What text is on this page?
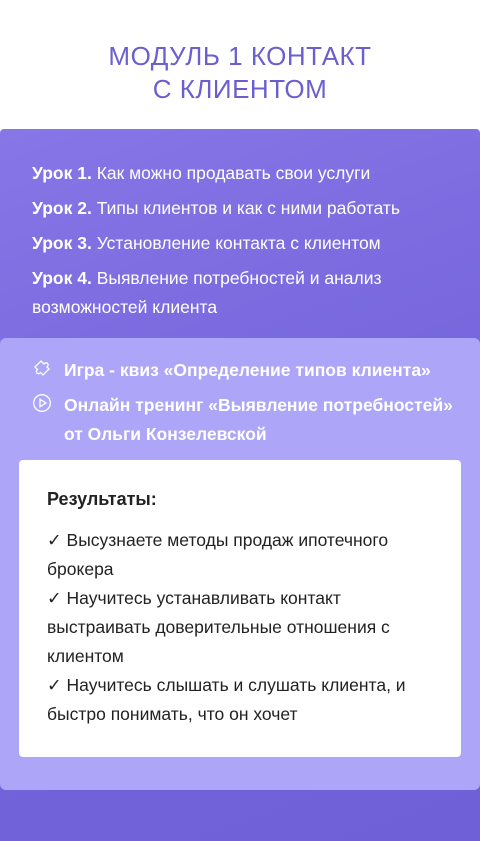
МОДУЛЬ 1 КОНТАКТ
С КЛИЕНТОМ
Урок 1. Как можно продавать свои услуги
Урок 2. Типы клиентов и как с ними работать
Урок 3. Установление контакта с клиентом
Урок 4. Выявление потребностей и анализ возможностей клиента
Игра - квиз «Определение типов клиента»
Онлайн тренинг «Выявление потребностей» от Ольги Конзелевской
Результаты:
✓ Высузнаете методы продаж ипотечного брокера
✓ Научитесь устанавливать контакт выстраивать доверительные отношения с клиентом
✓ Научитесь слышать и слушать клиента, и быстро понимать, что он хочет
